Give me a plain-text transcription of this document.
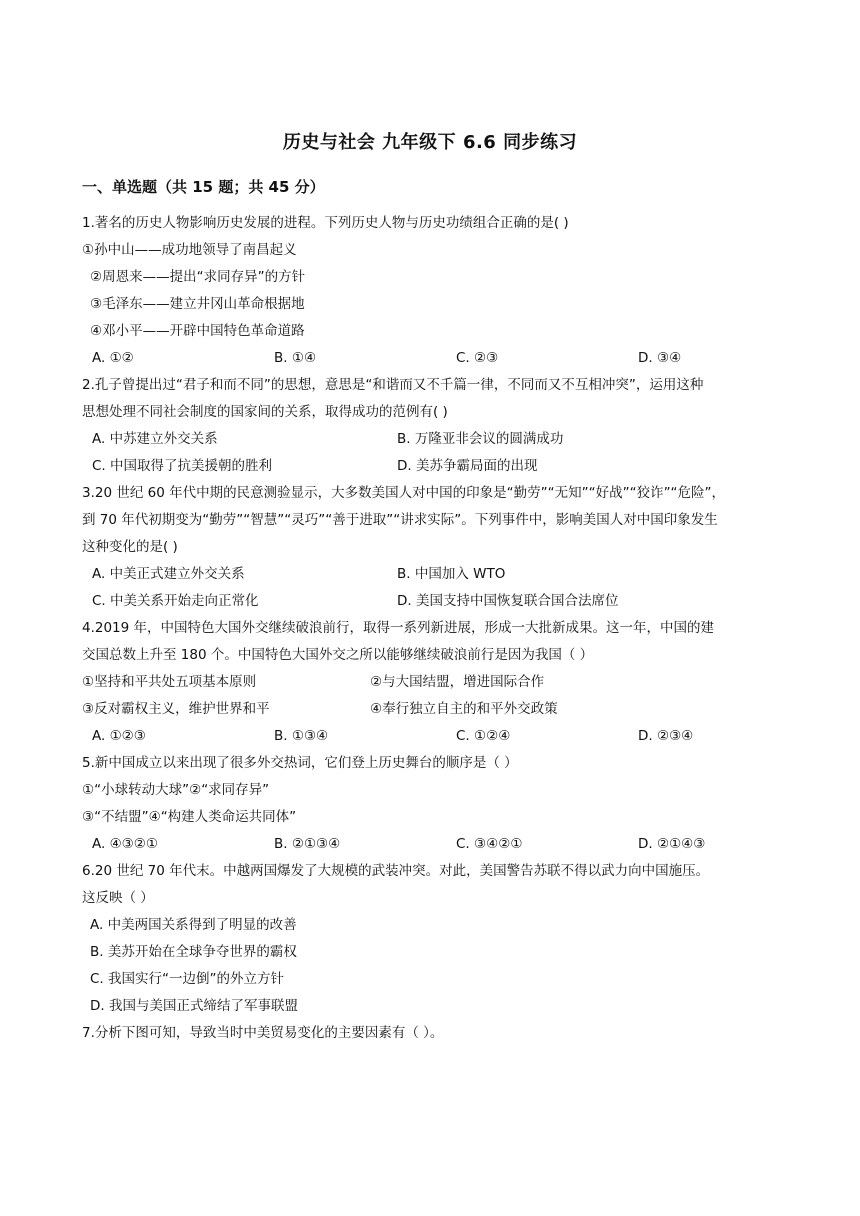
历史与社会 九年级下 6.6 同步练习
一、单选题（共 15 题；共 45 分）
1.著名的历史人物影响历史发展的进程。下列历史人物与历史功绩组合正确的是( )
①孙中山——成功地领导了南昌起义
②周恩来——提出“求同存异”的方针
③毛泽东——建立井冈山革命根据地
④邓小平——开辟中国特色革命道路
A. ①②	B. ①④	C. ②③	D. ③④
2.孔子曾提出过“君子和而不同”的思想，意思是“和谐而又不千篇一律，不同而又不互相冲突”，运用这种
思想处理不同社会制度的国家间的关系，取得成功的范例有( )
A. 中苏建立外交关系	B. 万隆亚非会议的圆满成功
C. 中国取得了抗美援朝的胜利	D. 美苏争霸局面的出现
3.20 世纪 60 年代中期的民意测验显示，大多数美国人对中国的印象是“勤劳”“无知”“好战”“狡诈”“危险”，
到 70 年代初期变为“勤劳”“智慧”“灵巧”“善于进取”“讲求实际”。下列事件中，影响美国人对中国印象发生
这种变化的是( )
A. 中美正式建立外交关系	B. 中国加入 WTO
C. 中美关系开始走向正常化	D. 美国支持中国恢复联合国合法席位
4.2019 年，中国特色大国外交继续破浪前行，取得一系列新进展，形成一大批新成果。这一年，中国的建
交国总数上升至 180 个。中国特色大国外交之所以能够继续破浪前行是因为我国（ ）
①坚持和平共处五项基本原则	②与大国结盟，增进国际合作
③反对霸权主义，维护世界和平	④奉行独立自主的和平外交政策
A. ①②③	B. ①③④	C. ①②④	D. ②③④
5.新中国成立以来出现了很多外交热词，它们登上历史舞台的顺序是（ ）
①“小球转动大球”②“求同存异”
③“不结盟”④“构建人类命运共同体”
A. ④③②①	B. ②①③④	C. ③④②①	D. ②①④③
6.20 世纪 70 年代末。中越两国爆发了大规模的武装冲突。对此，美国警告苏联不得以武力向中国施压。
这反映（ ）
A. 中美两国关系得到了明显的改善
B. 美苏开始在全球争夺世界的霸权
C. 我国实行“一边倒”的外立方针
D. 我国与美国正式缔结了军事联盟
7.分析下图可知，导致当时中美贸易变化的主要因素有（ ）。
